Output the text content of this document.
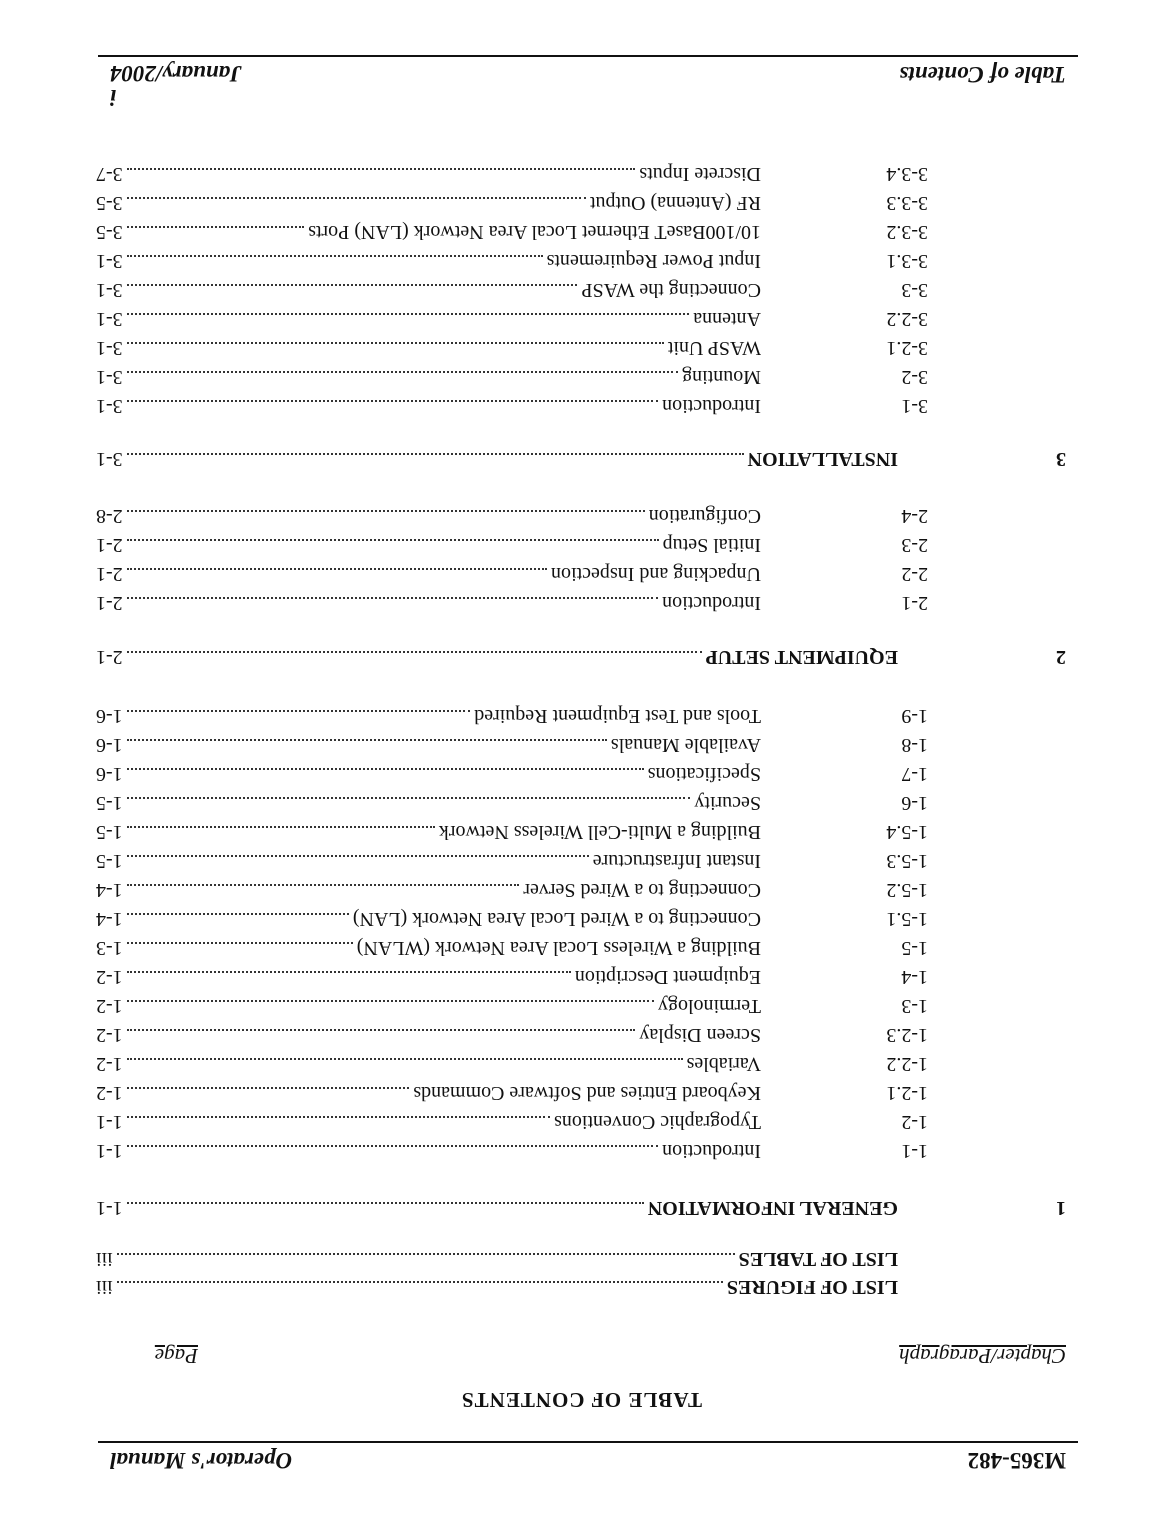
M365-482
Operator's Manual
TABLE OF CONTENTS
Chapter/Paragraph
Page
LIST OF FIGURES
iii
LIST OF TABLES
iii
1
GENERAL INFORMATION
1-1
1-1
Introduction
1-1
1-2
Typographic Conventions
1-1
1-2.1
Keyboard Entries and Software Commands
1-2
1-2.2
Variables
1-2
1-2.3
Screen Display
1-2
1-3
Terminology
1-2
1-4
Equipment Description
1-2
1-5
Building a Wireless Local Area Network (WLAN)
1-3
1-5.1
Connecting to a Wired Local Area Network (LAN)
1-4
1-5.2
Connecting to a Wired Server
1-4
1-5.3
Instant Infrastructure
1-5
1-5.4
Building a Multi-Cell Wireless Network
1-5
1-6
Security
1-5
1-7
Specifications
1-6
1-8
Available Manuals
1-6
1-9
Tools and Test Equipment Required
1-6
2
EQUIPMENT SETUP
2-1
2-1
Introduction
2-1
2-2
Unpacking and Inspection
2-1
2-3
Initial Setup
2-1
2-4
Configuration
2-8
3
INSTALLATION
3-1
3-1
Introduction
3-1
3-2
Mounting
3-1
3-2.1
WASP Unit
3-1
3-2.2
Antenna
3-1
3-3
Connecting the WASP
3-1
3-3.1
Input Power Requirements
3-1
3-3.2
10/100BaseT Ethernet Local Area Network (LAN) Ports
3-5
3-3.3
RF (Antenna) Output
3-5
3-3.4
Discrete Inputs
3-7
Table of Contents
i
January/2004
